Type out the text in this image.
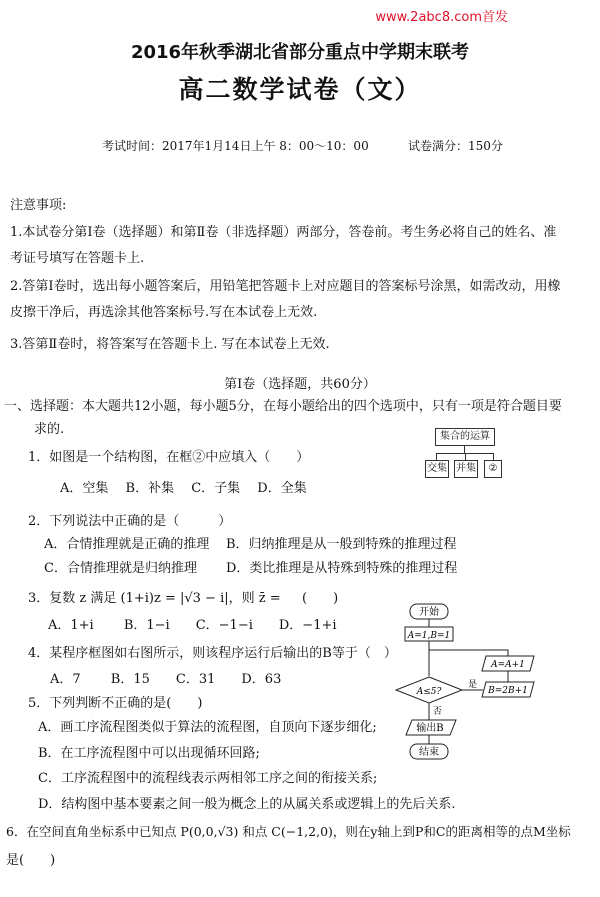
www.2abc8.com首发
2016年秋季湖北省部分重点中学期末联考
高二数学试卷（文）
考试时间：2017年1月14日上午 8：00～10：00	试卷满分：150分
注意事项:
1.本试卷分第Ⅰ卷（选择题）和第Ⅱ卷（非选择题）两部分，答卷前。考生务必将自己的姓名、准
考证号填写在答题卡上.
2.答第Ⅰ卷时，选出每小题答案后，用铅笔把答题卡上对应题目的答案标号涂黑，如需改动，用橡
皮擦干净后，再选涂其他答案标号.写在本试卷上无效.
3.答第Ⅱ卷时，将答案写在答题卡上. 写在本试卷上无效.
第Ⅰ卷（选择题，共60分）
一、选择题：本大题共12小题，每小题5分，在每小题给出的四个选项中，只有一项是符合题目要
求的.
1．如图是一个结构图，在框②中应填入（　　）
A．空集　 B．补集　 C．子集　 D．全集
集合的运算
交集 并集	②
2．下列说法中正确的是（　　　）
A．合情推理就是正确的推理 B．归纳推理是从一般到特殊的推理过程
C．合情推理就是归纳推理 D．类比推理是从特殊到特殊的推理过程
3．复数 z 满足 (1+i)z = |√3 − i|，则 z̄ = (　　)
A．1+i　　 B．1−i　　C．−1−i　　D．−1+i
4．某程序框图如右图所示，则该程序运行后输出的B等于（　）
A．7　　 B．15　　C．31　　D．63
开始
A=1,B=1
A≤5?
是
B=2B+1
A=A+1
否
输出B
结束
5．下列判断不正确的是(　　)
A．画工序流程图类似于算法的流程图，自顶向下逐步细化;
B．在工序流程图中可以出现循环回路;
C．工序流程图中的流程线表示两相邻工序之间的衔接关系;
D．结构图中基本要素之间一般为概念上的从属关系或逻辑上的先后关系.
6．在空间直角坐标系中已知点 P(0,0,√3) 和点 C(−1,2,0)，则在y轴上到P和C的距离相等的点M坐标
是(　　)
